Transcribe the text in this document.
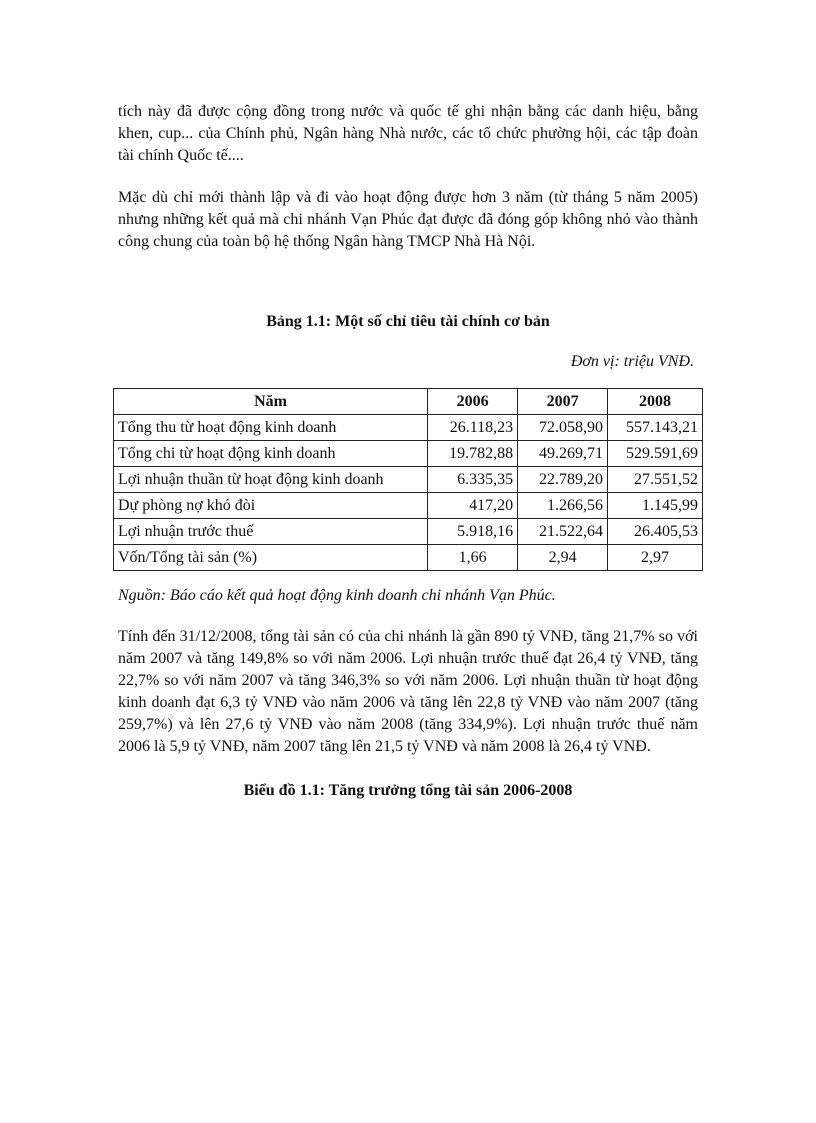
tích này đã được cộng đồng trong nước và quốc tế ghi nhận bằng các danh hiệu, bằng khen, cup... của Chính phủ, Ngân hàng Nhà nước, các tổ chức phường hội, các tập đoàn tài chính Quốc tế....

Mặc dù chỉ mới thành lập và đi vào hoạt động được hơn 3 năm (từ tháng 5 năm 2005) nhưng những kết quả mà chi nhánh Vạn Phúc đạt được đã đóng góp không nhỏ vào thành công chung của toàn bộ hệ thống Ngân hàng TMCP Nhà Hà Nội.

Bảng 1.1: Một số chỉ tiêu tài chính cơ bản
Đơn vị: triệu VNĐ.
Năm	2006	2007	2008
Tổng thu từ hoạt động kinh doanh	26.118,23	72.058,90	557.143,21
Tổng chi từ hoạt động kinh doanh	19.782,88	49.269,71	529.591,69
Lợi nhuận thuần từ hoạt động kinh doanh	6.335,35	22.789,20	27.551,52
Dự phòng nợ khó đòi	417,20	1.266,56	1.145,99
Lợi nhuận trước thuế	5.918,16	21.522,64	26.405,53
Vốn/Tổng tài sản (%)	1,66	2,94	2,97
Nguồn: Báo cáo kết quả hoạt động kinh doanh chi nhánh Vạn Phúc.

Tính đến 31/12/2008, tổng tài sản có của chi nhánh là gần 890 tỷ VNĐ, tăng 21,7% so với năm 2007 và tăng 149,8% so với năm 2006. Lợi nhuận trước thuế đạt 26,4 tỷ VNĐ, tăng 22,7% so với năm 2007 và tăng 346,3% so với năm 2006. Lợi nhuận thuần từ hoạt động kinh doanh đạt 6,3 tỷ VNĐ vào năm 2006 và tăng lên 22,8 tỷ VNĐ vào năm 2007 (tăng 259,7%) và lên 27,6 tỷ VNĐ vào năm 2008 (tăng 334,9%). Lợi nhuận trước thuế năm 2006 là 5,9 tỷ VNĐ, năm 2007 tăng lên 21,5 tỷ VNĐ và năm 2008 là 26,4 tỷ VNĐ.

Biểu đồ 1.1: Tăng trưởng tổng tài sản 2006-2008
